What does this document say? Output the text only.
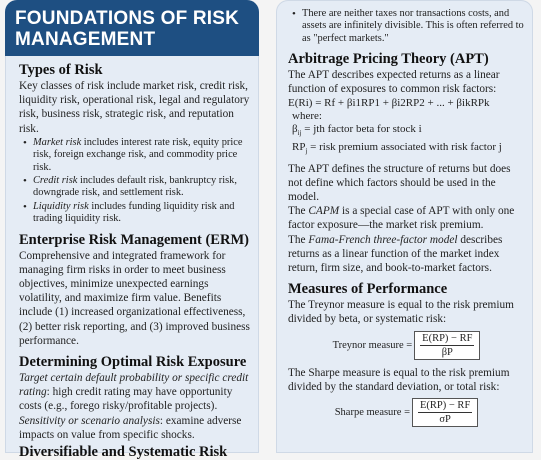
FOUNDATIONS OF RISK
MANAGEMENT
Types of Risk

Key classes of risk include market risk, credit risk, liquidity risk, operational risk, legal and regulatory risk, business risk, strategic risk, and reputation risk.

• Market risk includes interest rate risk, equity price risk, foreign exchange risk, and commodity price risk.
• Credit risk includes default risk, bankruptcy risk, downgrade risk, and settlement risk.
• Liquidity risk includes funding liquidity risk and trading liquidity risk.
Enterprise Risk Management (ERM)

Comprehensive and integrated framework for managing firm risks in order to meet business objectives, minimize unexpected earnings volatility, and maximize firm value. Benefits include (1) increased organizational effectiveness, (2) better risk reporting, and (3) improved business performance.

Determining Optimal Risk Exposure

Target certain default probability or specific credit rating: high credit rating may have opportunity costs (e.g., forego risky/profitable projects).

Sensitivity or scenario analysis: examine adverse impacts on value from specific shocks.

Diversifiable and Systematic Risk
• There are neither taxes nor transactions costs, and assets are infinitely divisible. This is often referred to as "perfect markets."
Arbitrage Pricing Theory (APT)

The APT describes expected returns as a linear function of exposures to common risk factors:

E(Ri) = Rf + βi1RP1 + βi2RP2 + ... + βikRPk
where:
$\beta_{ij}$ = jth factor beta for stock i
$RP_j$ = risk premium associated with risk factor j

The APT defines the structure of returns but does not define which factors should be used in the model.

The CAPM is a special case of APT with only one factor exposure—the market risk premium.

The Fama-French three-factor model describes returns as a linear function of the market index return, firm size, and book-to-market factors.

Measures of Performance

The Treynor measure is equal to the risk premium divided by beta, or systematic risk:

Treynor measure = $\frac{E(RP) - RF}{\beta P}$

The Sharpe measure is equal to the risk premium divided by the standard deviation, or total risk:

Sharpe measure = $\frac{E(RP) - RF}{\sigma P}$
